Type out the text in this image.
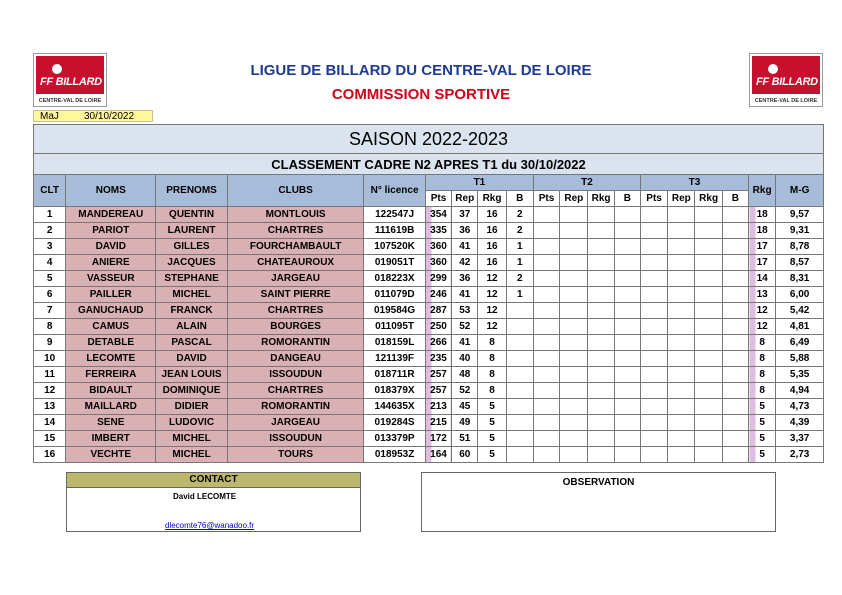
FF BILLARD
CENTRE-VAL DE LOIRE
FF BILLARD
CENTRE-VAL DE LOIRE
LIGUE DE BILLARD DU CENTRE-VAL DE LOIRE
COMMISSION SPORTIVE
MaJ	30/10/2022
SAISON 2022-2023																		
CLASSEMENT CADRE N2 APRES T1 du 30/10/2022																		
CLT	NOMS	PRENOMS	CLUBS	N° licence	T1				T2				T3				Rkg	M-G
					Pts	Rep	Rkg	B	Pts	Rep	Rkg	B	Pts	Rep	Rkg	B		
1	MANDEREAU	QUENTIN	MONTLOUIS	122547J	354	37	16	2									18	9,57
2	PARIOT	LAURENT	CHARTRES	111619B	335	36	16	2									18	9,31
3	DAVID	GILLES	FOURCHAMBAULT	107520K	360	41	16	1									17	8,78
4	ANIERE	JACQUES	CHATEAUROUX	019051T	360	42	16	1									17	8,57
5	VASSEUR	STEPHANE	JARGEAU	018223X	299	36	12	2									14	8,31
6	PAILLER	MICHEL	SAINT PIERRE	011079D	246	41	12	1									13	6,00
7	GANUCHAUD	FRANCK	CHARTRES	019584G	287	53	12										12	5,42
8	CAMUS	ALAIN	BOURGES	011095T	250	52	12										12	4,81
9	DETABLE	PASCAL	ROMORANTIN	018159L	266	41	8										8	6,49
10	LECOMTE	DAVID	DANGEAU	121139F	235	40	8										8	5,88
11	FERREIRA	JEAN LOUIS	ISSOUDUN	018711R	257	48	8										8	5,35
12	BIDAULT	DOMINIQUE	CHARTRES	018379X	257	52	8										8	4,94
13	MAILLARD	DIDIER	ROMORANTIN	144635X	213	45	5										5	4,73
14	SENE	LUDOVIC	JARGEAU	019284S	215	49	5										5	4,39
15	IMBERT	MICHEL	ISSOUDUN	013379P	172	51	5										5	3,37
16	VECHTE	MICHEL	TOURS	018953Z	164	60	5										5	2,73
CONTACT
David LECOMTE
dlecomte76@wanadoo.fr
OBSERVATION
